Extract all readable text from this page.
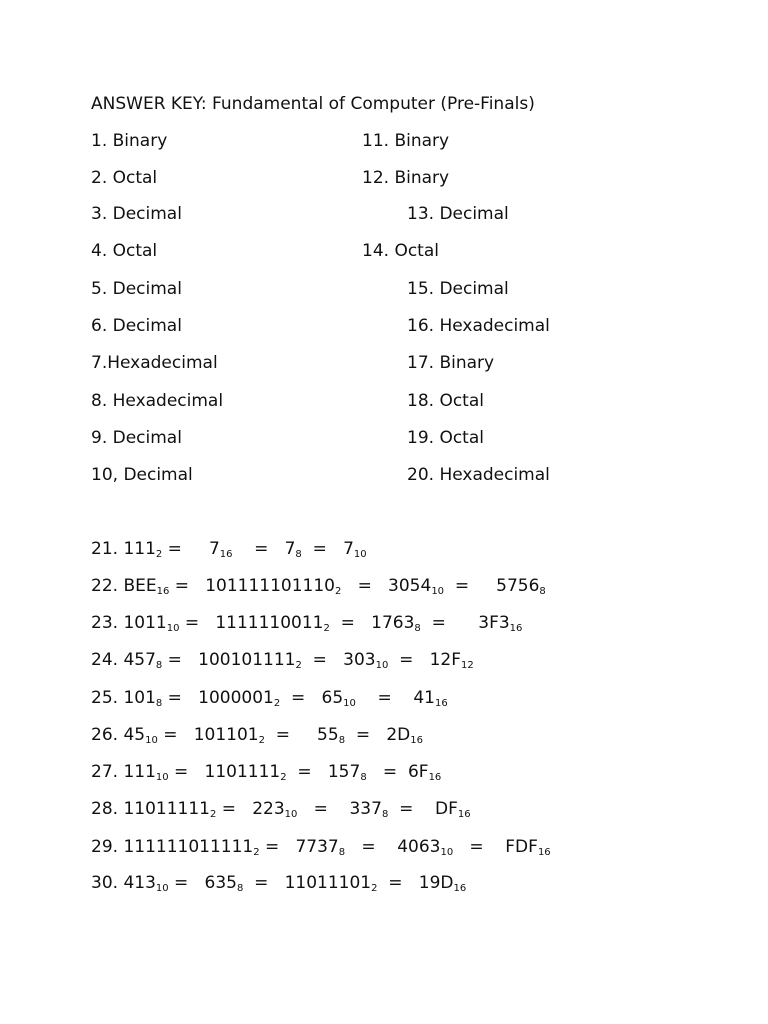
ANSWER KEY: Fundamental of Computer (Pre-Finals)
1. Binary
2. Octal
3. Decimal
4. Octal
5. Decimal
6. Decimal
7.Hexadecimal
8. Hexadecimal
9. Decimal
10, Decimal
11. Binary
12. Binary
13. Decimal
14. Octal
15. Decimal
16. Hexadecimal
17. Binary
18. Octal
19. Octal
20. Hexadecimal
21. $111_2$ =     $7_{16}$    =   $7_8 = 7_{10}$
22. $BEE_{16} = 101111101110_2 = 3054_{10}$  =     $5756_8$
23. $1011_{10} = 1111110011_2 = 1763_8$  =      $3F3_{16}$
24. $457_8 = 100101111_2 = 303_{10} = 12F_{12}$
25. $101_8 = 1000001_2 = 65_{10}$    =    $41_{16}$
26. $45_{10} = 101101_2$  =     $55_8 = 2D_{16}$
27. $111_{10} = 1101111_2 = 157_8 = 6F_{16}$
28. $11011111_2 = 223_{10}$   =    $337_8$  =    $DF_{16}$
29. $111111011111_2 = 7737_8$   =    $4063_{10}$   =    $FDF_{16}$
30. $413_{10} = 635_8 = 11011101_2 = 19D_{16}$
